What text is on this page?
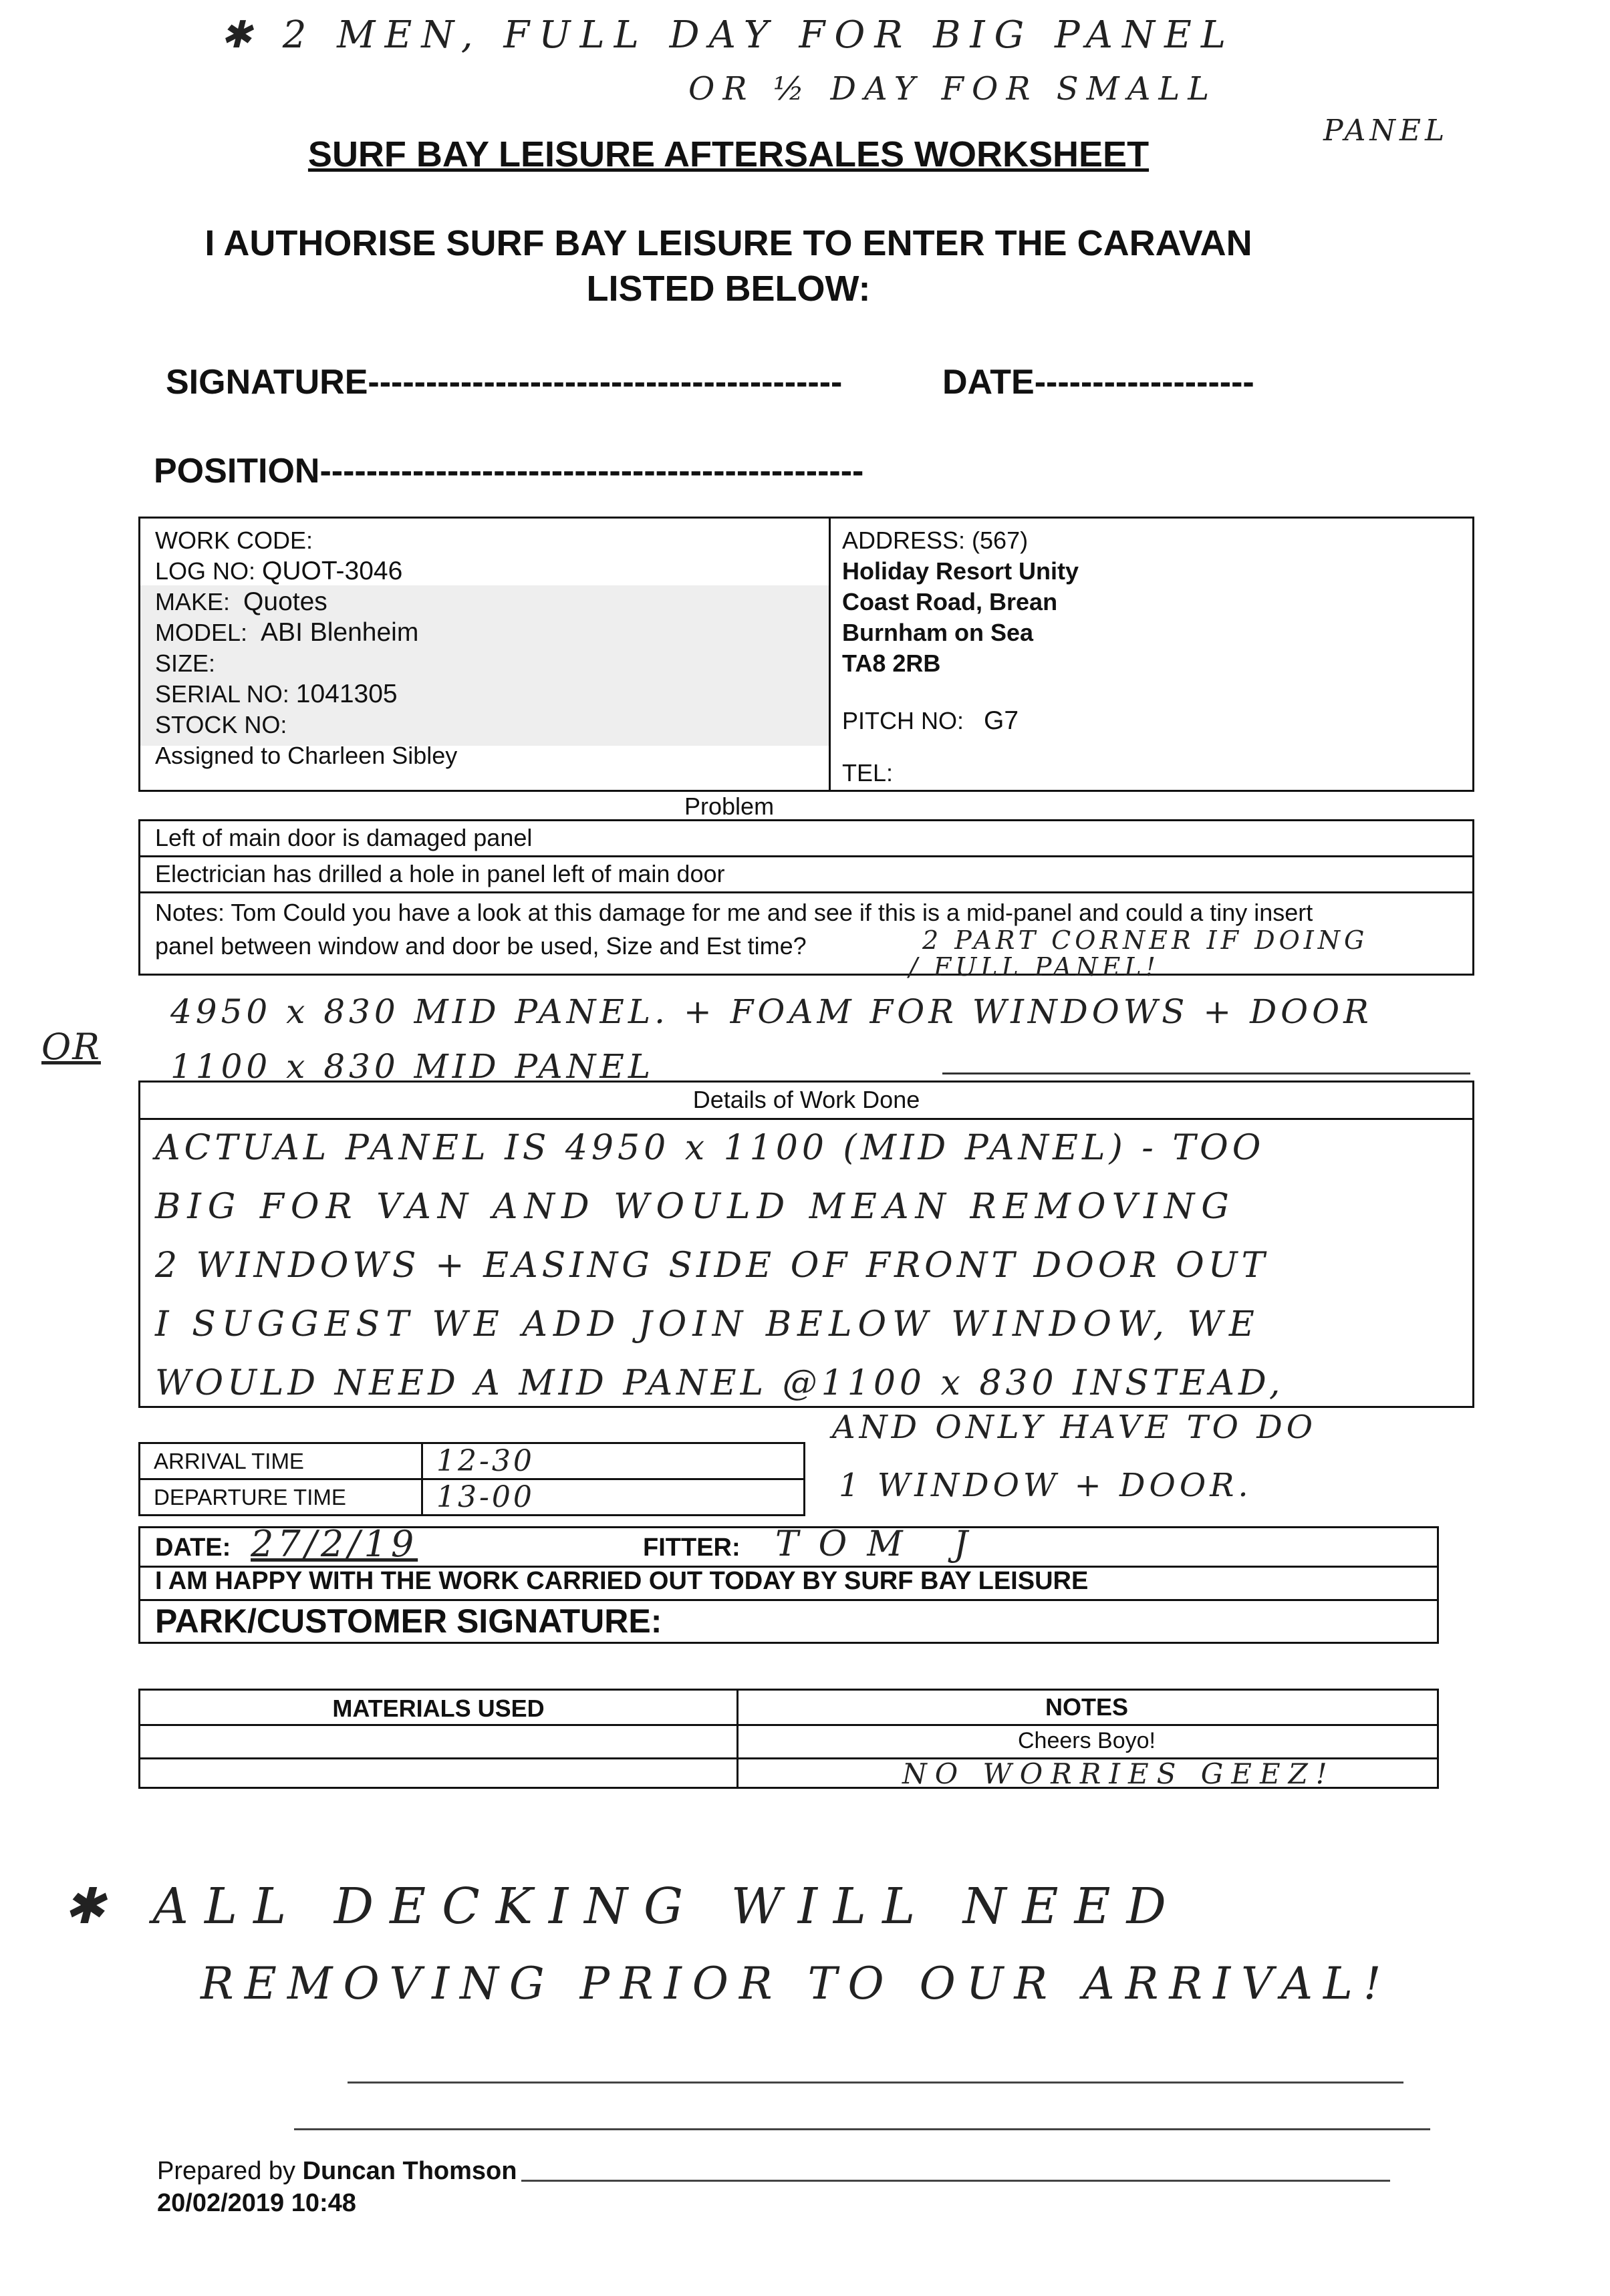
✱ 2 MEN, FULL DAY FOR BIG PANEL
OR ½ DAY FOR SMALL
PANEL
SURF BAY LEISURE AFTERSALES WORKSHEET
I AUTHORISE SURF BAY LEISURE TO ENTER THE CARAVAN
LISTED BELOW:
SIGNATURE-----------------------------------------	DATE-------------------
POSITION-----------------------------------------------
WORK CODE:
LOG NO: QUOT-3046
MAKE: Quotes
MODEL: ABI Blenheim
SIZE:
SERIAL NO: 1041305
STOCK NO:
Assigned to Charleen Sibley
ADDRESS: (567)
Holiday Resort Unity
Coast Road, Brean
Burnham on Sea
TA8 2RB
PITCH NO: G7
TEL:
Problem
Left of main door is damaged panel
Electrician has drilled a hole in panel left of main door
Notes: Tom Could you have a look at this damage for me and see if this is a mid-panel and could a tiny insert
panel between window and door be used, Size and Est time?	2 PART CORNER IF DOING
/ FULL PANEL!
4950 x 830 MID PANEL. + FOAM FOR WINDOWS + DOOR
OR 1100 x 830 MID PANEL
Details of Work Done
ACTUAL PANEL IS 4950 x 1100 (MID PANEL) - TOO
BIG FOR VAN AND WOULD MEAN REMOVING
2 WINDOWS + EASING SIDE OF FRONT DOOR OUT
I SUGGEST WE ADD JOIN BELOW WINDOW, WE
WOULD NEED A MID PANEL @1100 x 830 INSTEAD,
AND ONLY HAVE TO DO
1 WINDOW + DOOR.
ARRIVAL TIME	12-30
DEPARTURE TIME	13-00
DATE: 27/2/19	FITTER: TOM J
I AM HAPPY WITH THE WORK CARRIED OUT TODAY BY SURF BAY LEISURE
PARK/CUSTOMER SIGNATURE:
MATERIALS USED	NOTES
Cheers Boyo!
NO WORRIES GEEZ!
✱ ALL DECKING WILL NEED
REMOVING PRIOR TO OUR ARRIVAL!
Prepared by Duncan Thomson
20/02/2019 10:48
